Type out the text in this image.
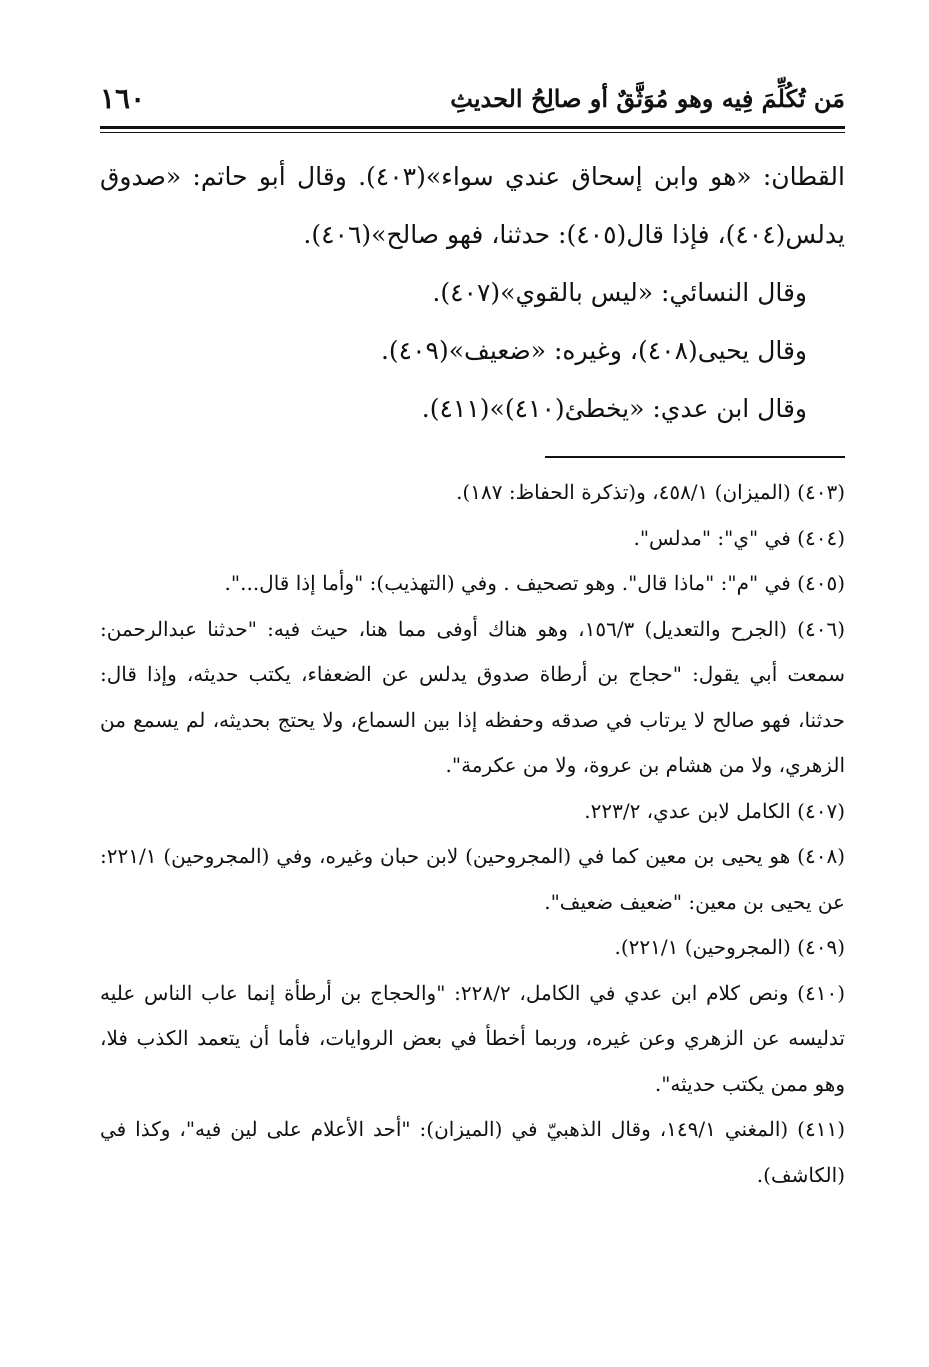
مَن تُكُلِّمَ فِيه وهو مُوَثَّقٌ أو صالِحُ الحديثِ
١٦٠

القطان: «هو وابن إسحاق عندي سواء»(٤٠٣). وقال أبو حاتم: «صدوق يدلس(٤٠٤)، فإذا قال(٤٠٥): حدثنا، فهو صالح»(٤٠٦).

وقال النسائي: «ليس بالقوي»(٤٠٧).

وقال يحيى(٤٠٨)، وغيره: «ضعيف»(٤٠٩).

وقال ابن عدي: «يخطئ(٤١٠)»(٤١١).

(٤٠٣) (الميزان) ٤٥٨/١، و(تذكرة الحفاظ: ١٨٧).

(٤٠٤) في "ي": "مدلس".

(٤٠٥) في "م": "ماذا قال". وهو تصحيف . وفي (التهذيب): "وأما إذا قال...".

(٤٠٦) (الجرح والتعديل) ١٥٦/٣، وهو هناك أوفى مما هنا، حيث فيه: "حدثنا عبدالرحمن: سمعت أبي يقول: "حجاج بن أرطاة صدوق يدلس عن الضعفاء، يكتب حديثه، وإذا قال: حدثنا، فهو صالح لا يرتاب في صدقه وحفظه إذا بين السماع، ولا يحتج بحديثه، لم يسمع من الزهري، ولا من هشام بن عروة، ولا من عكرمة".

(٤٠٧) الكامل لابن عدي، ٢٢٣/٢.

(٤٠٨) هو يحيى بن معين كما في (المجروحين) لابن حبان وغيره، وفي (المجروحين) ٢٢١/١: عن يحيى بن معين: "ضعيف ضعيف".

(٤٠٩) (المجروحين) ٢٢١/١).

(٤١٠) ونص كلام ابن عدي في الكامل، ٢٢٨/٢: "والحجاج بن أرطأة إنما عاب الناس عليه تدليسه عن الزهري وعن غيره، وربما أخطأ في بعض الروايات، فأما أن يتعمد الكذب فلا، وهو ممن يكتب حديثه".

(٤١١) (المغني ١٤٩/١، وقال الذهبيّ في (الميزان): "أحد الأعلام على لين فيه"، وكذا في (الكاشف).
